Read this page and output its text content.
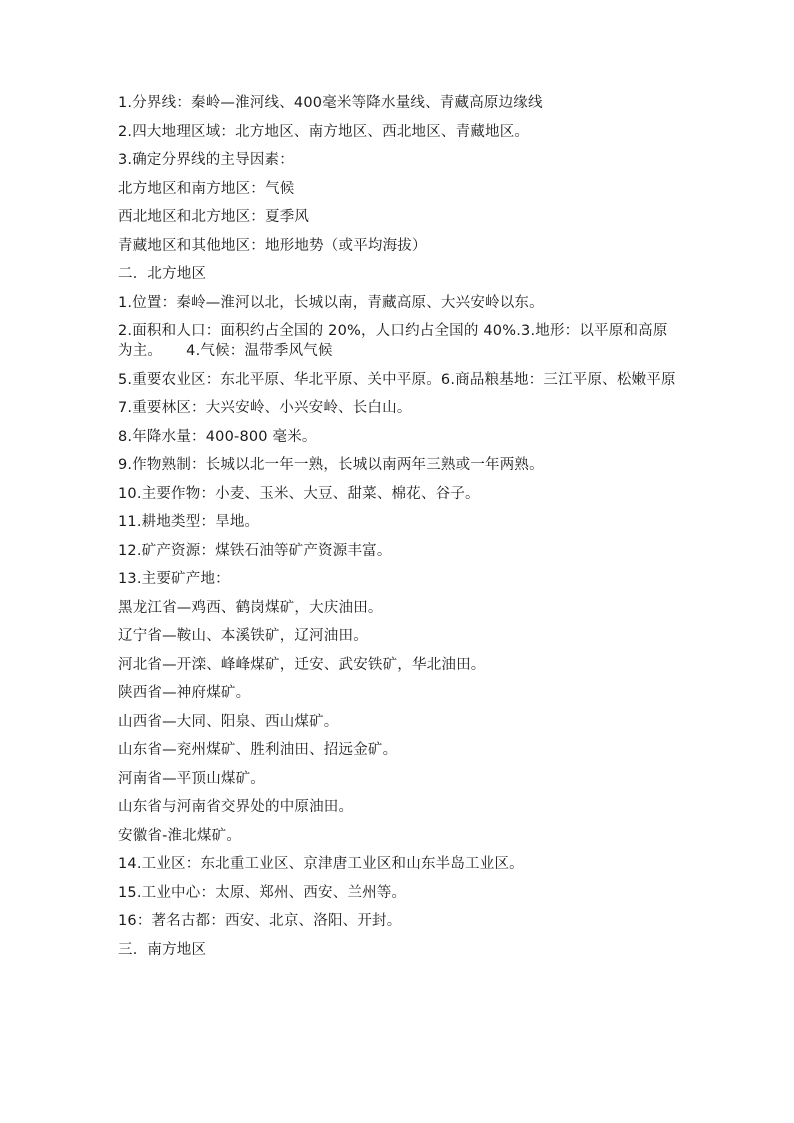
1.分界线：秦岭—淮河线、400毫米等降水量线、青藏高原边缘线
2.四大地理区域：北方地区、南方地区、西北地区、青藏地区。
3.确定分界线的主导因素：
北方地区和南方地区：气候
西北地区和北方地区：夏季风
青藏地区和其他地区：地形地势（或平均海拔）
二．北方地区
1.位置：秦岭—淮河以北，长城以南，青藏高原、大兴安岭以东。
2.面积和人口：面积约占全国的 20%，人口约占全国的 40%.3.地形：以平原和高原为主。     4.气候：温带季风气候
5.重要农业区：东北平原、华北平原、关中平原。6.商品粮基地：三江平原、松嫩平原
7.重要林区：大兴安岭、小兴安岭、长白山。
8.年降水量：400-800 毫米。
9.作物熟制：长城以北一年一熟，长城以南两年三熟或一年两熟。
10.主要作物：小麦、玉米、大豆、甜菜、棉花、谷子。
11.耕地类型：旱地。
12.矿产资源：煤铁石油等矿产资源丰富。
13.主要矿产地：
黑龙江省—鸡西、鹤岗煤矿，大庆油田。
辽宁省—鞍山、本溪铁矿，辽河油田。
河北省—开滦、峰峰煤矿，迁安、武安铁矿，华北油田。
陕西省—神府煤矿。
山西省—大同、阳泉、西山煤矿。
山东省—兖州煤矿、胜利油田、招远金矿。
河南省—平顶山煤矿。
山东省与河南省交界处的中原油田。
安徽省-淮北煤矿。
14.工业区：东北重工业区、京津唐工业区和山东半岛工业区。
15.工业中心：太原、郑州、西安、兰州等。
16：著名古都：西安、北京、洛阳、开封。
三．南方地区
